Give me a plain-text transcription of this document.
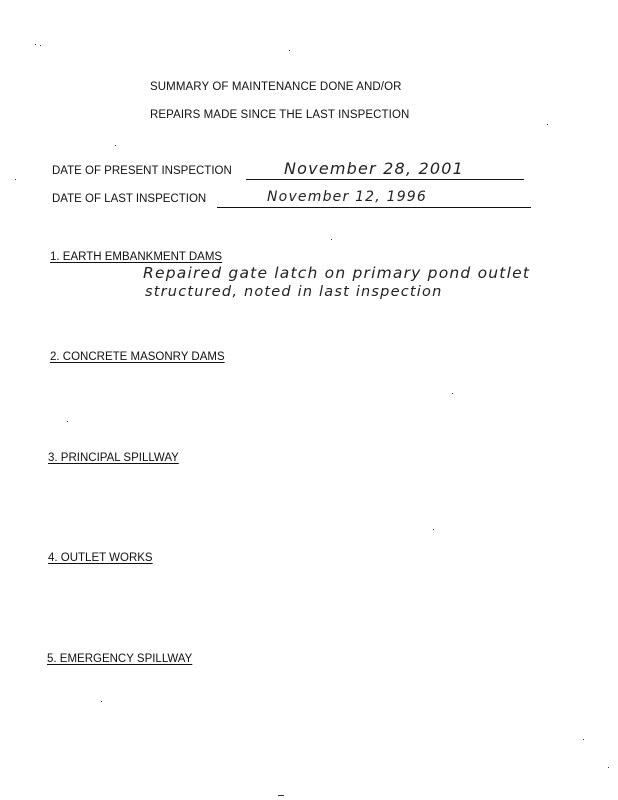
SUMMARY OF MAINTENANCE DONE AND/OR
REPAIRS MADE SINCE THE LAST INSPECTION
DATE OF PRESENT INSPECTION	November 28, 2001
DATE OF LAST INSPECTION	November 12, 1996
1. EARTH EMBANKMENT DAMS
Repaired gate latch on primary pond outlet
structured, noted in last inspection
2. CONCRETE MASONRY DAMS
3. PRINCIPAL SPILLWAY
4. OUTLET WORKS
5. EMERGENCY SPILLWAY
